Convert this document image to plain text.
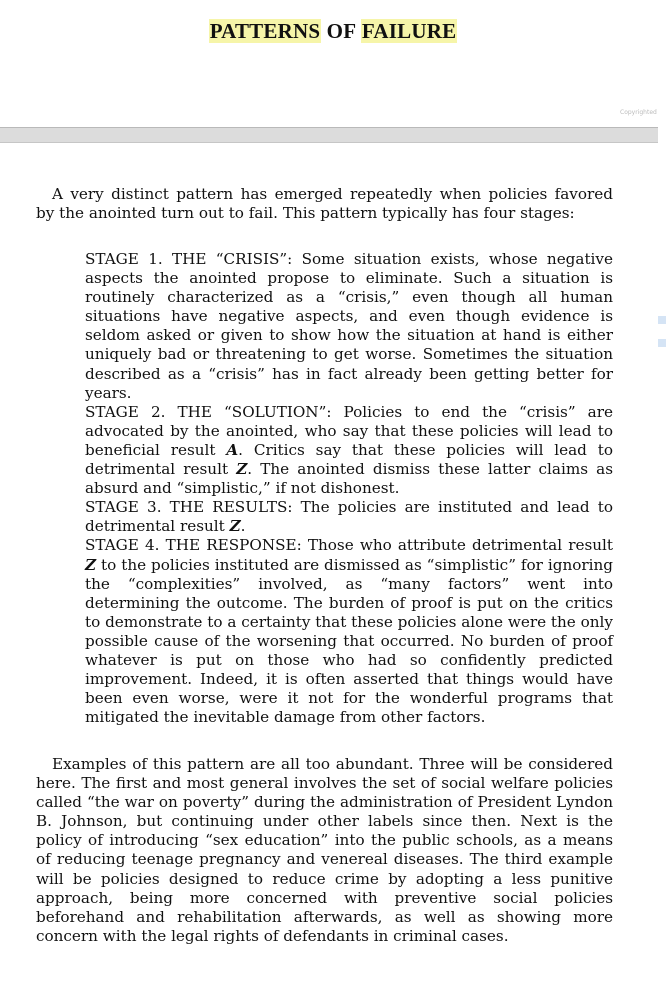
PATTERNS OF FAILURE
Copyrighted

A very distinct pattern has emerged repeatedly when policies favored by the anointed turn out to fail. This pattern typically has four stages:

STAGE 1. THE “CRISIS”: Some situation exists, whose negative aspects the anointed propose to eliminate. Such a situation is routinely characterized as a “crisis,” even though all human situations have negative aspects, and even though evidence is seldom asked or given to show how the situation at hand is either uniquely bad or threatening to get worse. Sometimes the situation described as a “crisis” has in fact already been getting better for years.

STAGE 2. THE “SOLUTION”: Policies to end the “crisis” are advocated by the anointed, who say that these policies will lead to beneficial result A. Critics say that these policies will lead to detrimental result Z. The anointed dismiss these latter claims as absurd and “simplistic,” if not dishonest.

STAGE 3. THE RESULTS: The policies are instituted and lead to detrimental result Z.

STAGE 4. THE RESPONSE: Those who attribute detrimental result Z to the policies instituted are dismissed as “simplistic” for ignoring the “complexities” involved, as “many factors” went into determining the outcome. The burden of proof is put on the critics to demonstrate to a certainty that these policies alone were the only possible cause of the worsening that occurred. No burden of proof whatever is put on those who had so confidently predicted improvement. Indeed, it is often asserted that things would have been even worse, were it not for the wonderful programs that mitigated the inevitable damage from other factors.

Examples of this pattern are all too abundant. Three will be considered here. The first and most general involves the set of social welfare policies called “the war on poverty” during the administration of President Lyndon B. Johnson, but continuing under other labels since then. Next is the policy of introducing “sex education” into the public schools, as a means of reducing teenage pregnancy and venereal diseases. The third example will be policies designed to reduce crime by adopting a less punitive approach, being more concerned with preventive social policies beforehand and rehabilitation afterwards, as well as showing more concern with the legal rights of defendants in criminal cases.
